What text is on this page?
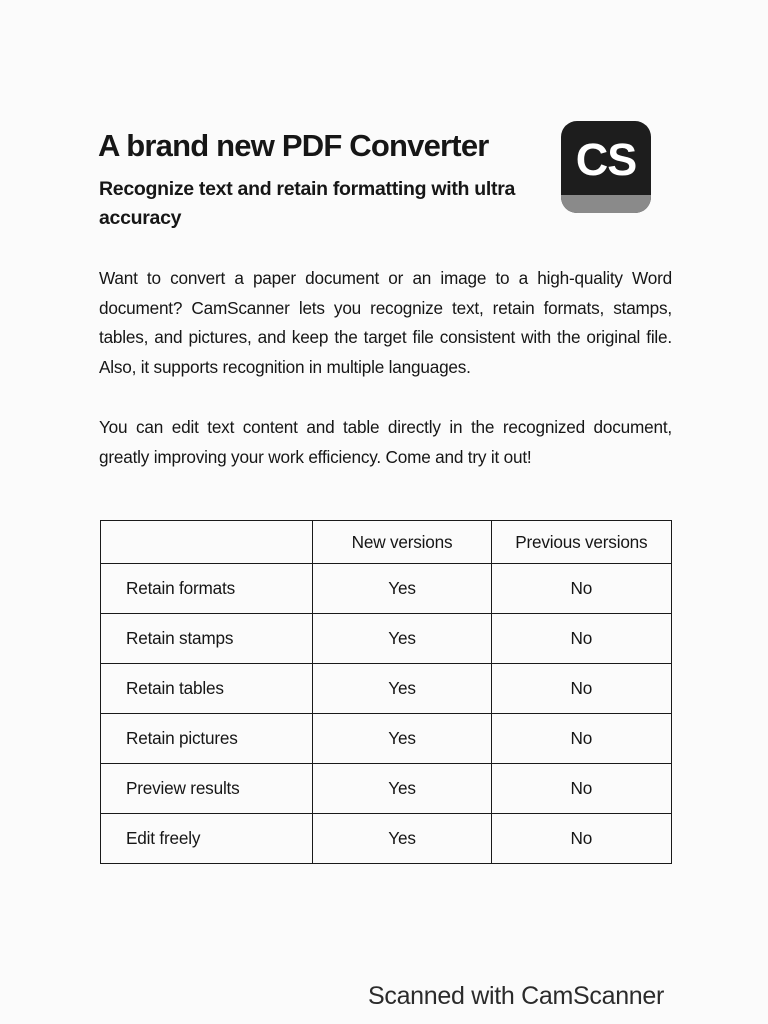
A brand new PDF Converter
Recognize text and retain formatting with ultra accuracy
CS

Want to convert a paper document or an image to a high-quality Word document? CamScanner lets you recognize text, retain formats, stamps, tables, and pictures, and keep the target file consistent with the original file. Also, it supports recognition in multiple languages.

You can edit text content and table directly in the recognized document, greatly improving your work efficiency. Come and try it out!

	New versions	Previous versions
Retain formats	Yes	No
Retain stamps	Yes	No
Retain tables	Yes	No
Retain pictures	Yes	No
Preview results	Yes	No
Edit freely	Yes	No

Scanned with CamScanner
